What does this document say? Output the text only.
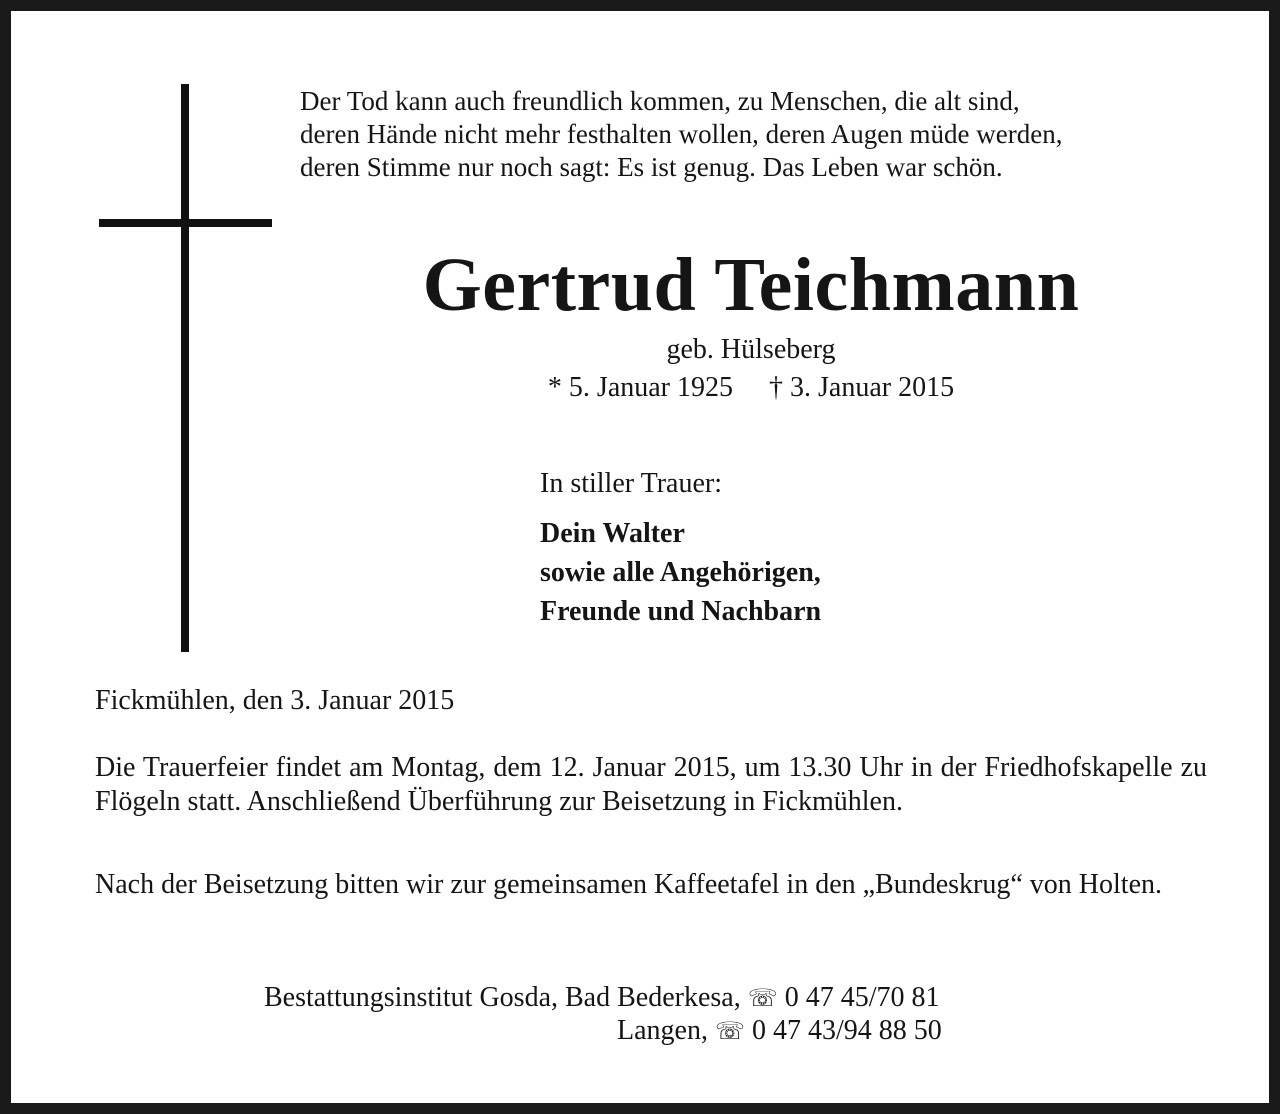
Der Tod kann auch freundlich kommen, zu Menschen, die alt sind,
deren Hände nicht mehr festhalten wollen, deren Augen müde werden,
deren Stimme nur noch sagt: Es ist genug. Das Leben war schön.
Gertrud Teichmann
geb. Hülseberg
* 5. Januar 1925 † 3. Januar 2015
In stiller Trauer:
Dein Walter
sowie alle Angehörigen,
Freunde und Nachbarn
Fickmühlen, den 3. Januar 2015
Die Trauerfeier findet am Montag, dem 12. Januar 2015, um 13.30 Uhr in der Friedhofskapelle zu Flögeln statt. Anschließend Überführung zur Beisetzung in Fickmühlen.
Nach der Beisetzung bitten wir zur gemeinsamen Kaffeetafel in den „Bundeskrug“ von Holten.
Bestattungsinstitut Gosda, Bad Bederkesa, ☏ 0 47 45/70 81
Langen, ☏ 0 47 43/94 88 50
